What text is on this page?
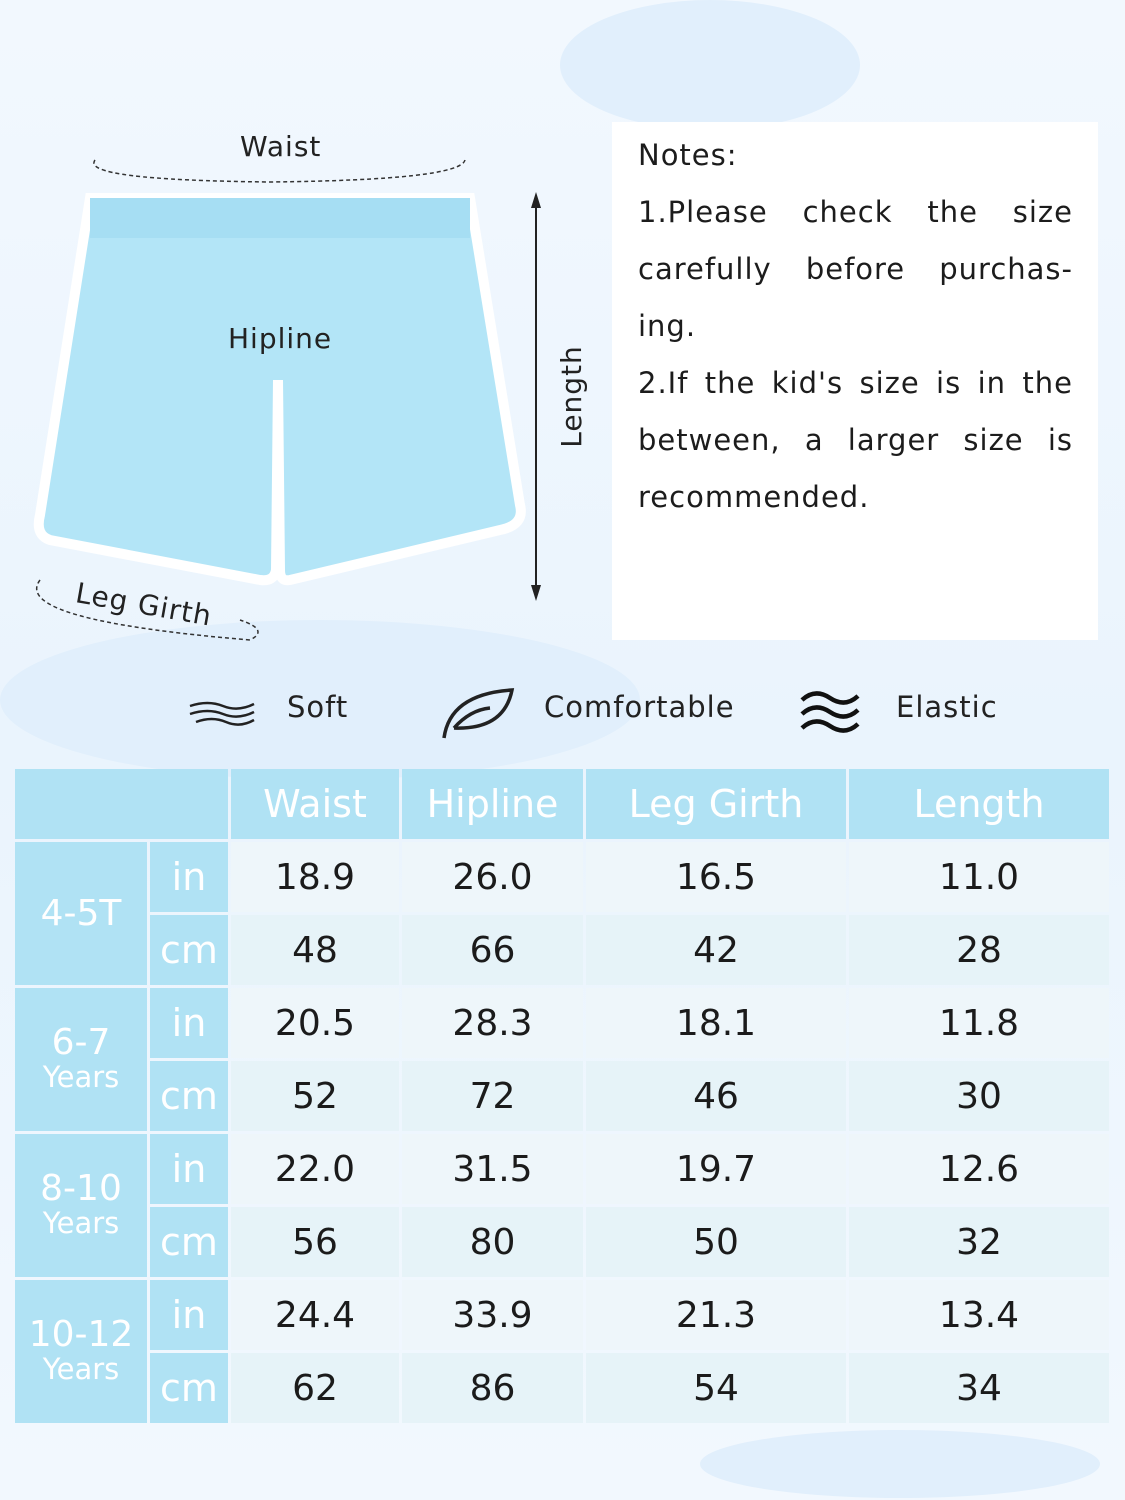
Waist
Hipline
Length
Leg Girth
Notes:
1.Please check the size carefully before purchas-ing.
2.If the kid's size is in the between, a larger size is recommended.
Soft	Comfortable	Elastic
		Waist	Hipline	Leg Girth	Length
4-5T	in	18.9	26.0	16.5	11.0
	cm	48	66	42	28
6-7
Years	in	20.5	28.3	18.1	11.8
	cm	52	72	46	30
8-10
Years	in	22.0	31.5	19.7	12.6
	cm	56	80	50	32
10-12
Years	in	24.4	33.9	21.3	13.4
	cm	62	86	54	34
